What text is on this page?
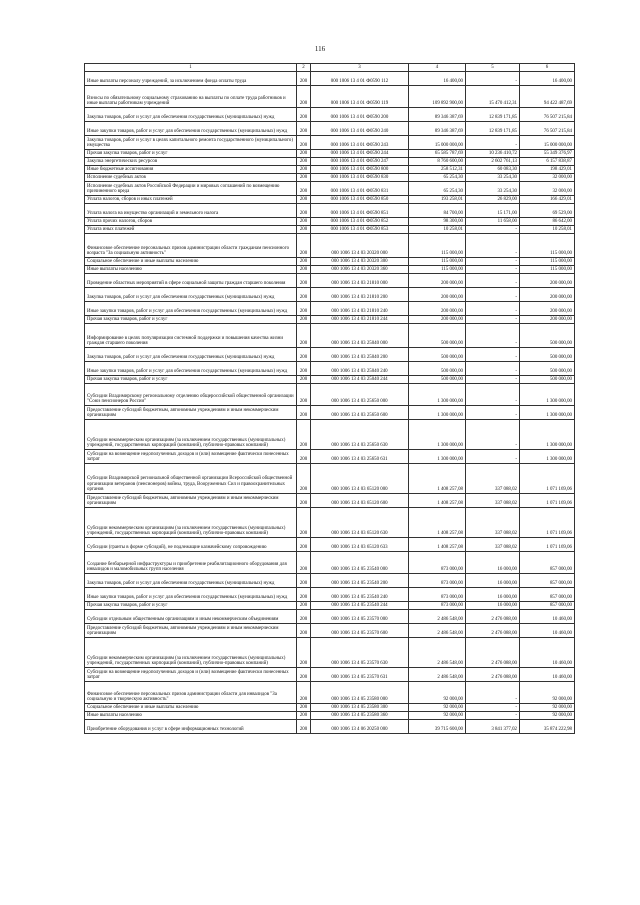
116
1	2	3	4	5	6
Иные выплаты персоналу учреждений, за исключением фонда оплаты труда	200	000 1006 13 4 01 Ф0590 112	16 400,00	-	16 400,00
Взносы по обязательному социальному страхованию на выплаты по оплате труда работников и иные выплаты работникам учреждений	200	000 1006 13 4 01 Ф0590 119	109 892 900,00	15 470 412,31	94 422 487,69
Закупка товаров, работ и услуг для обеспечения государственных (муниципальных) нужд	200	000 1006 13 4 01 Ф0590 200	89 346 387,69	12 839 171,85	76 507 215,84
Иные закупки товаров, работ и услуг для обеспечения государственных (муниципальных) нужд	200	000 1006 13 4 01 Ф0590 240	89 346 387,69	12 839 171,85	76 507 215,84
Закупка товаров, работ и услуг в целях капитального ремонта государственного (муниципального) имущества	200	000 1006 13 4 01 Ф0590 243	15 000 000,00	-	15 000 000,00
Прочая закупка товаров, работ и услуг	200	000 1006 13 4 01 Ф0590 244	65 585 787,69	10 236 410,72	55 349 376,97
Закупка энергетических ресурсов	200	000 1006 13 4 01 Ф0590 247	8 760 600,00	2 602 761,13	6 157 838,87
Иные бюджетные ассигнования	200	000 1006 13 4 01 Ф0590 800	258 512,31	60 083,30	198 429,01
Исполнение судебных актов	200	000 1006 13 4 01 Ф0590 830	65 254,30	33 254,30	32 000,00
Исполнение судебных актов Российской Федерации и мировых соглашений по возмещению причиненного вреда	200	000 1006 13 4 01 Ф0590 831	65 254,30	33 254,30	32 000,00
Уплата налогов, сборов и иных платежей	200	000 1006 13 4 01 Ф0590 850	193 258,01	26 829,00	166 429,01
Уплата налога на имущество организаций и земельного налога	200	000 1006 13 4 01 Ф0590 851	84 700,00	15 171,00	69 529,00
Уплата прочих налогов, сборов	200	000 1006 13 4 01 Ф0590 852	98 300,00	11 658,00	86 642,00
Уплата иных платежей	200	000 1006 13 4 01 Ф0590 853	10 258,01	-	10 258,01
Финансовое обеспечение персональных призов администрации области гражданам пенсионного возраста "За социальную активность"	200	000 1006 13 4 03 20320 000	115 000,00	-	115 000,00
Социальное обеспечение и иные выплаты населению	200	000 1006 13 4 03 20320 300	115 000,00	-	115 000,00
Иные выплаты населению	200	000 1006 13 4 03 20320 360	115 000,00	-	115 000,00
Проведение областных мероприятий в сфере социальной защиты граждан старшего поколения	200	000 1006 13 4 03 21810 000	200 000,00	-	200 000,00
Закупка товаров, работ и услуг для обеспечения государственных (муниципальных) нужд	200	000 1006 13 4 03 21810 200	200 000,00	-	200 000,00
Иные закупки товаров, работ и услуг для обеспечения государственных (муниципальных) нужд	200	000 1006 13 4 03 21810 240	200 000,00	-	200 000,00
Прочая закупка товаров, работ и услуг	200	000 1006 13 4 03 21810 244	200 000,00	-	200 000,00
Информирование в целях популяризации системной поддержки и повышения качества жизни граждан старшего поколения	200	000 1006 13 4 03 25040 000	500 000,00	-	500 000,00
Закупка товаров, работ и услуг для обеспечения государственных (муниципальных) нужд	200	000 1006 13 4 03 25040 200	500 000,00	-	500 000,00
Иные закупки товаров, работ и услуг для обеспечения государственных (муниципальных) нужд	200	000 1006 13 4 03 25040 240	500 000,00	-	500 000,00
Прочая закупка товаров, работ и услуг	200	000 1006 13 4 03 25040 244	500 000,00	-	500 000,00
Субсидии Владимирскому региональному отделению общероссийской общественной организации "Союз пенсионеров России"	200	000 1006 13 4 03 25650 000	1 300 000,00	-	1 300 000,00
Предоставление субсидий бюджетным, автономным учреждениям и иным некоммерческим организациям	200	000 1006 13 4 03 25650 600	1 300 000,00	-	1 300 000,00
Субсидии некоммерческим организациям (за исключением государственных (муниципальных) учреждений, государственных корпораций (компаний), публично-правовых компаний)	200	000 1006 13 4 03 25650 630	1 300 000,00	-	1 300 000,00
Субсидии на возмещение недополученных доходов и (или) возмещение фактически понесенных затрат	200	000 1006 13 4 03 25650 631	1 300 000,00	-	1 300 000,00
Субсидии Владимирской региональной общественной организации Всероссийской общественной организации ветеранов (пенсионеров) войны, труда, Вооруженных Сил и правоохранительных органов	200	000 1006 13 4 03 65120 000	1 408 257,08	337 088,02	1 071 169,06
Предоставление субсидий бюджетным, автономным учреждениям и иным некоммерческим организациям	200	000 1006 13 4 03 65120 600	1 408 257,08	337 088,02	1 071 169,06
Субсидии некоммерческим организациям (за исключением государственных (муниципальных) учреждений, государственных корпораций (компаний), публично-правовых компаний)	200	000 1006 13 4 03 65120 630	1 408 257,08	337 088,02	1 071 169,06
Субсидии (гранты в форме субсидий), не подлежащие казначейскому сопровождению	200	000 1006 13 4 03 65120 633	1 408 257,08	337 088,02	1 071 169,06
Создание безбарьерной инфраструктуры и приобретение реабилитационного оборудования для инвалидов и маломобильных групп населения	200	000 1006 13 4 05 23540 000	873 000,00	16 000,00	857 000,00
Закупка товаров, работ и услуг для обеспечения государственных (муниципальных) нужд	200	000 1006 13 4 05 23540 200	873 000,00	16 000,00	857 000,00
Иные закупки товаров, работ и услуг для обеспечения государственных (муниципальных) нужд	200	000 1006 13 4 05 23540 240	873 000,00	16 000,00	857 000,00
Прочая закупка товаров, работ и услуг	200	000 1006 13 4 05 23540 244	873 000,00	16 000,00	857 000,00
Субсидии отдельным общественным организациям и иным некоммерческим объединениям	200	000 1006 13 4 05 23570 000	2 486 548,00	2 476 088,00	10 460,00
Предоставление субсидий бюджетным, автономным учреждениям и иным некоммерческим организациям	200	000 1006 13 4 05 23570 600	2 486 548,00	2 476 088,00	10 460,00
Субсидии некоммерческим организациям (за исключением государственных (муниципальных) учреждений, государственных корпораций (компаний), публично-правовых компаний)	200	000 1006 13 4 05 23570 630	2 486 548,00	2 476 088,00	10 460,00
Субсидии на возмещение недополученных доходов и (или) возмещение фактически понесенных затрат	200	000 1006 13 4 05 23570 631	2 486 548,00	2 476 088,00	10 460,00
Финансовое обеспечение персональных призов администрации области для инвалидов "За социальную и творческую активность"	200	000 1006 13 4 05 23580 000	92 000,00	-	92 000,00
Социальное обеспечение и иные выплаты населению	200	000 1006 13 4 05 23580 300	92 000,00	-	92 000,00
Иные выплаты населению	200	000 1006 13 4 05 23580 360	92 000,00	-	92 000,00
Приобретение оборудования и услуг в сфере информационных технологий	200	000 1006 13 4 06 20250 000	39 715 600,00	3 841 377,02	35 874 222,98
